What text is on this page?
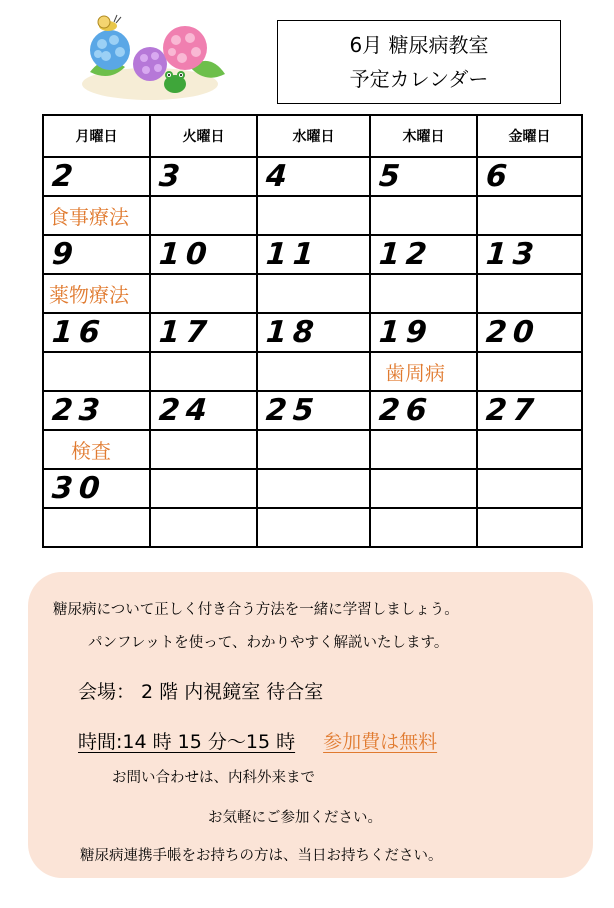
6月 糖尿病教室
予定カレンダー
月曜日	火曜日	水曜日	木曜日	金曜日
2	3	4	5	6

食事療法				

9	10	11	12	13

薬物療法				

16	17	18	19	20

			歯周病	

23	24	25	26	27

検査				

30				

糖尿病について正しく付き合う方法を一緒に学習しましょう。
パンフレットを使って、わかりやすく解説いたします。
会場： 2 階 内視鏡室 待合室
時間:14 時 15 分～15 時 参加費は無料
お問い合わせは、内科外来まで
お気軽にご参加ください。
糖尿病連携手帳をお持ちの方は、当日お持ちください。
